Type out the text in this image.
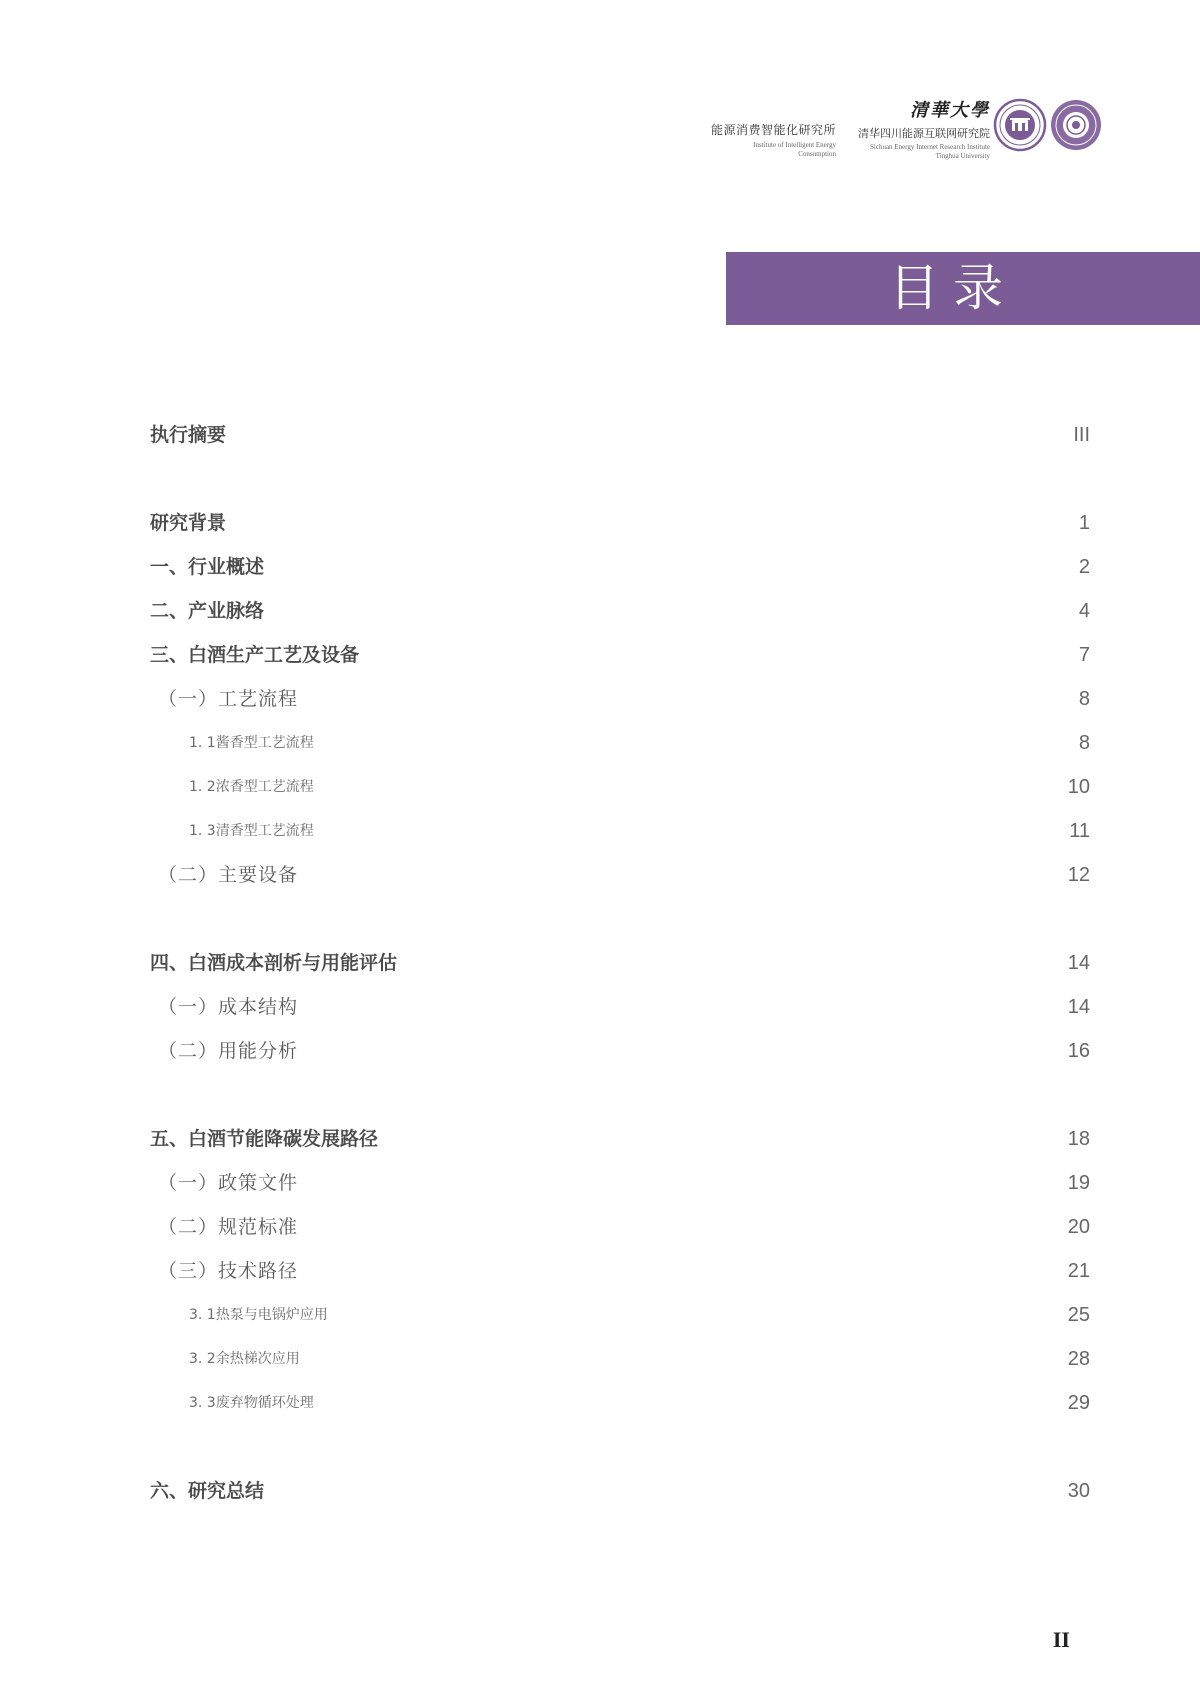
能源消费智能化研究所
Institute of Intelligent Energy
Consumption
清華大學
清华四川能源互联网研究院
Sichuan Energy Internet Research Institute
Tinghua University
目录
执行摘要	III
研究背景	1
一、行业概述	2
二、产业脉络	4
三、白酒生产工艺及设备	7
（一）工艺流程	8
1. 1酱香型工艺流程	8
1. 2浓香型工艺流程	10
1. 3清香型工艺流程	11
（二）主要设备	12
四、白酒成本剖析与用能评估	14
（一）成本结构	14
（二）用能分析	16
五、白酒节能降碳发展路径	18
（一）政策文件	19
（二）规范标准	20
（三）技术路径	21
3. 1热泵与电锅炉应用	25
3. 2余热梯次应用	28
3. 3废弃物循环处理	29
六、研究总结	30
II
